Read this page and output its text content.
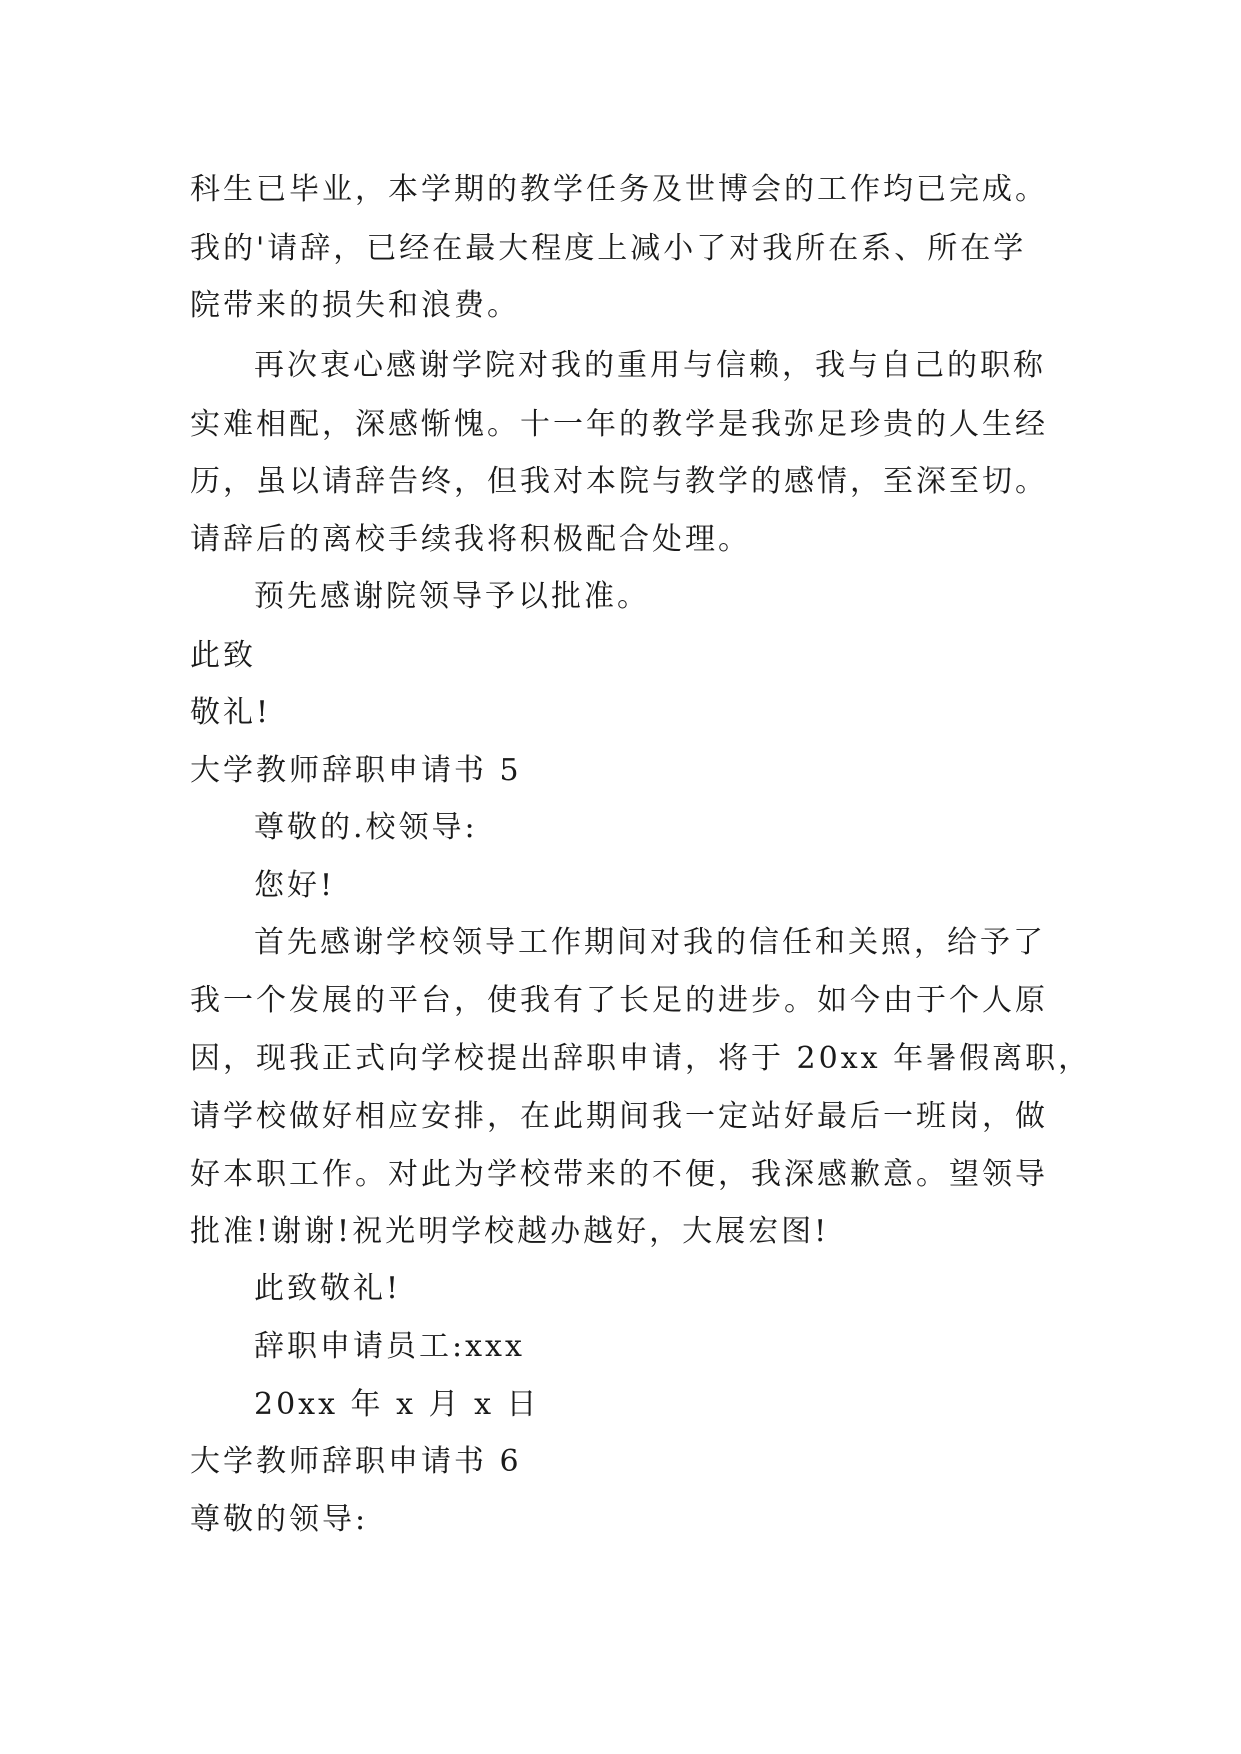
科生已毕业，本学期的教学任务及世博会的工作均已完成。
我的'请辞，已经在最大程度上减小了对我所在系、所在学
院带来的损失和浪费。
再次衷心感谢学院对我的重用与信赖，我与自己的职称
实难相配，深感惭愧。十一年的教学是我弥足珍贵的人生经
历，虽以请辞告终，但我对本院与教学的感情，至深至切。
请辞后的离校手续我将积极配合处理。
预先感谢院领导予以批准。
此致
敬礼!
大学教师辞职申请书 5
尊敬的.校领导:
您好!
首先感谢学校领导工作期间对我的信任和关照，给予了
我一个发展的平台，使我有了长足的进步。如今由于个人原
因，现我正式向学校提出辞职申请，将于 20xx 年暑假离职，
请学校做好相应安排，在此期间我一定站好最后一班岗，做
好本职工作。对此为学校带来的不便，我深感歉意。望领导
批准!谢谢!祝光明学校越办越好，大展宏图!
此致敬礼!
辞职申请员工:xxx
20xx 年 x 月 x 日
大学教师辞职申请书 6
尊敬的领导:
